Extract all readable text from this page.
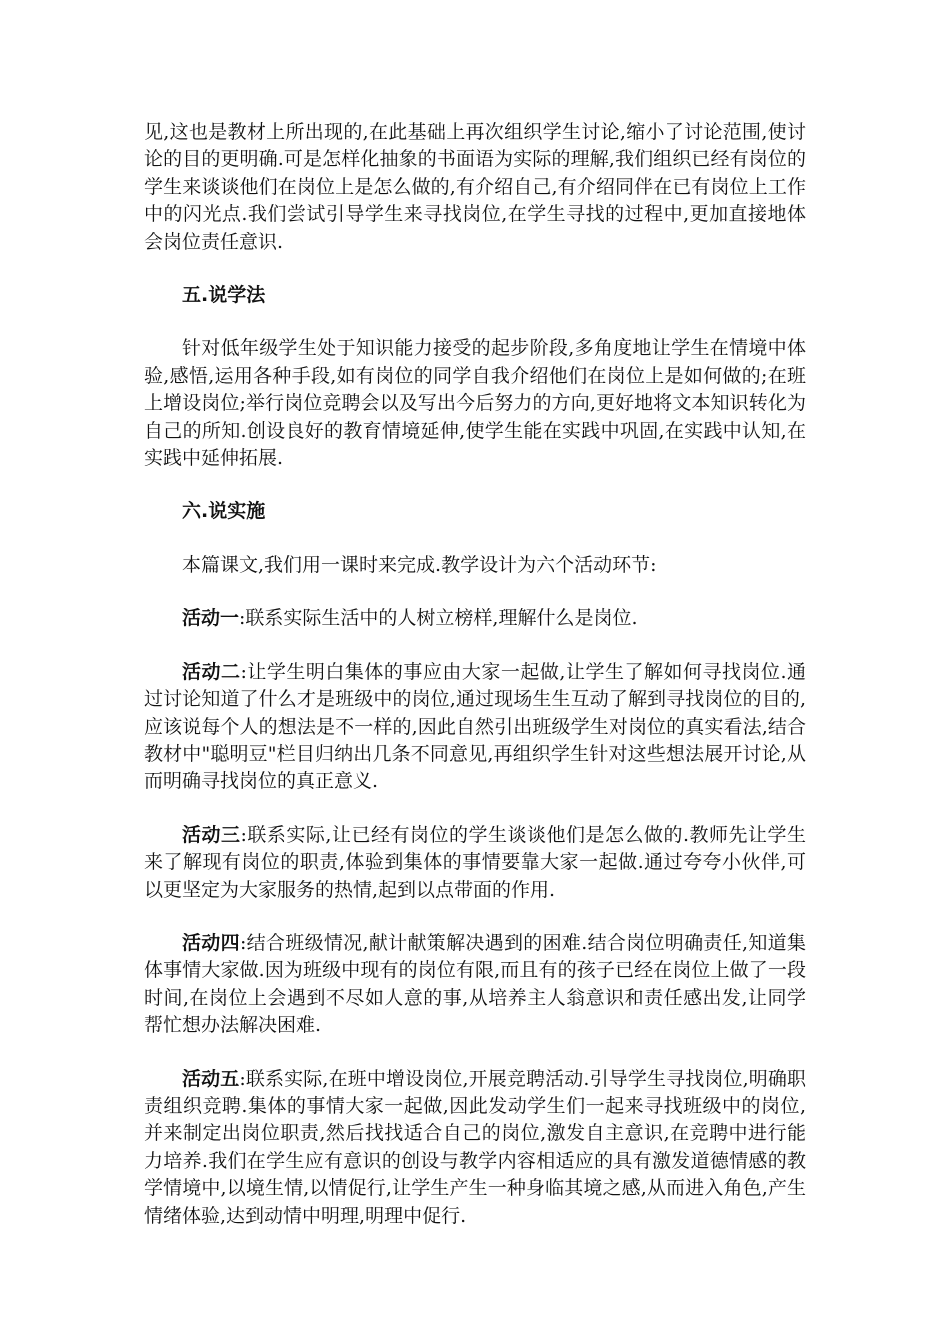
见,这也是教材上所出现的,在此基础上再次组织学生讨论,缩小了讨论范围,使讨论的目的更明确.可是怎样化抽象的书面语为实际的理解,我们组织已经有岗位的学生来谈谈他们在岗位上是怎么做的,有介绍自己,有介绍同伴在已有岗位上工作中的闪光点.我们尝试引导学生来寻找岗位,在学生寻找的过程中,更加直接地体会岗位责任意识.

五.说学法

针对低年级学生处于知识能力接受的起步阶段,多角度地让学生在情境中体验,感悟,运用各种手段,如有岗位的同学自我介绍他们在岗位上是如何做的;在班上增设岗位;举行岗位竞聘会以及写出今后努力的方向,更好地将文本知识转化为自己的所知.创设良好的教育情境延伸,使学生能在实践中巩固,在实践中认知,在实践中延伸拓展.

六.说实施

本篇课文,我们用一课时来完成.教学设计为六个活动环节:

活动一:联系实际生活中的人树立榜样,理解什么是岗位.

活动二:让学生明白集体的事应由大家一起做,让学生了解如何寻找岗位.通过讨论知道了什么才是班级中的岗位,通过现场生生互动了解到寻找岗位的目的,应该说每个人的想法是不一样的,因此自然引出班级学生对岗位的真实看法,结合教材中"聪明豆"栏目归纳出几条不同意见,再组织学生针对这些想法展开讨论,从而明确寻找岗位的真正意义.

活动三:联系实际,让已经有岗位的学生谈谈他们是怎么做的.教师先让学生来了解现有岗位的职责,体验到集体的事情要靠大家一起做.通过夸夸小伙伴,可以更坚定为大家服务的热情,起到以点带面的作用.

活动四:结合班级情况,献计献策解决遇到的困难.结合岗位明确责任,知道集体事情大家做.因为班级中现有的岗位有限,而且有的孩子已经在岗位上做了一段时间,在岗位上会遇到不尽如人意的事,从培养主人翁意识和责任感出发,让同学帮忙想办法解决困难.

活动五:联系实际,在班中增设岗位,开展竞聘活动.引导学生寻找岗位,明确职责组织竞聘.集体的事情大家一起做,因此发动学生们一起来寻找班级中的岗位,并来制定出岗位职责,然后找找适合自己的岗位,激发自主意识,在竞聘中进行能力培养.我们在学生应有意识的创设与教学内容相适应的具有激发道德情感的教学情境中,以境生情,以情促行,让学生产生一种身临其境之感,从而进入角色,产生情绪体验,达到动情中明理,明理中促行.
